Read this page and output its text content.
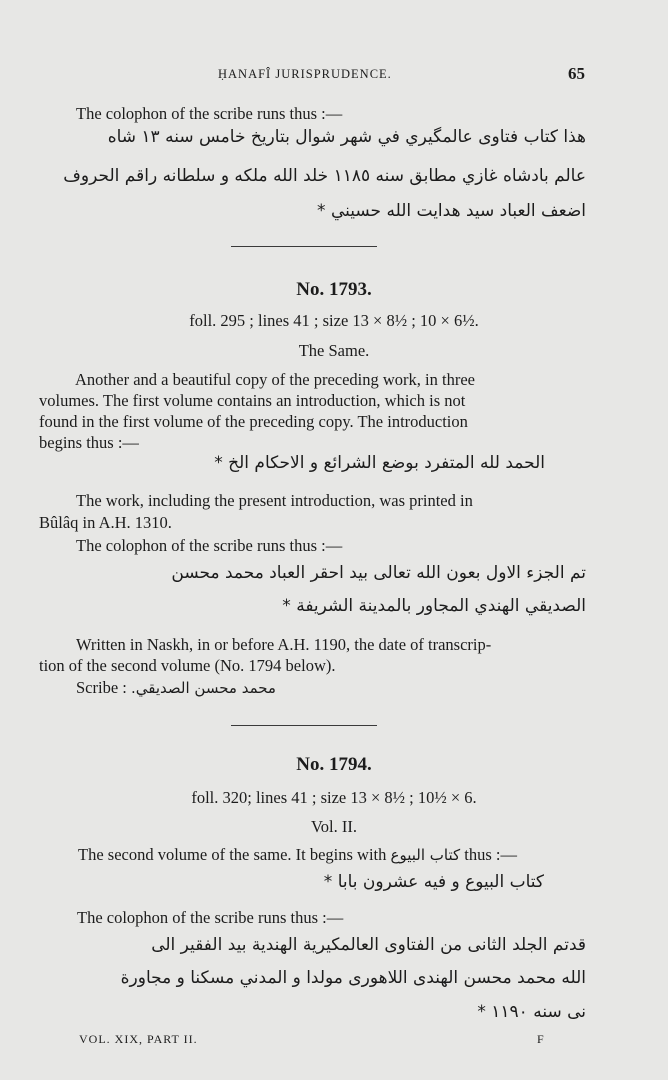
ḤANAFÎ JURISPRUDENCE.	65
The colophon of the scribe runs thus :—
هذا كتاب فتاوى عالمگيري في شهر شوال بتاريخ خامس سنه ١٣ شاه
عالم بادشاه غازي مطابق سنه ١١٨٥ خلد الله ملكه و سلطانه راقم الحروف
اضعف العباد سيد هدايت الله حسيني *
No. 1793.
foll. 295 ; lines 41 ; size 13 × 8½ ; 10 × 6½.
The Same.
Another and a beautiful copy of the preceding work, in three
volumes. The first volume contains an introduction, which is not
found in the first volume of the preceding copy. The introduction
begins thus :—
الحمد لله المتفرد بوضع الشرائع و الاحكام الخ *
The work, including the present introduction, was printed in
Bûlâq in A.H. 1310.
The colophon of the scribe runs thus :—
تم الجزء الاول بعون الله تعالى بيد احقر العباد محمد محسن
الصديقي الهندي المجاور بالمدينة الشريفة *
Written in Naskh, in or before A.H. 1190, the date of transcrip-
tion of the second volume (No. 1794 below).
Scribe : محمد محسن الصديقي.
No. 1794.
foll. 320; lines 41 ; size 13 × 8½ ; 10½ × 6.
Vol. II.
The second volume of the same. It begins with كتاب البيوع thus :—
كتاب البيوع و فيه عشرون بابا *
The colophon of the scribe runs thus :—
قدتم الجلد الثانى من الفتاوى العالمكيرية الهندية بيد الفقير الى
الله محمد محسن الهندى اللاهورى مولدا و المدني مسكنا و مجاورة
نى سنه ١١٩٠ *
VOL. XIX, PART II.	F
